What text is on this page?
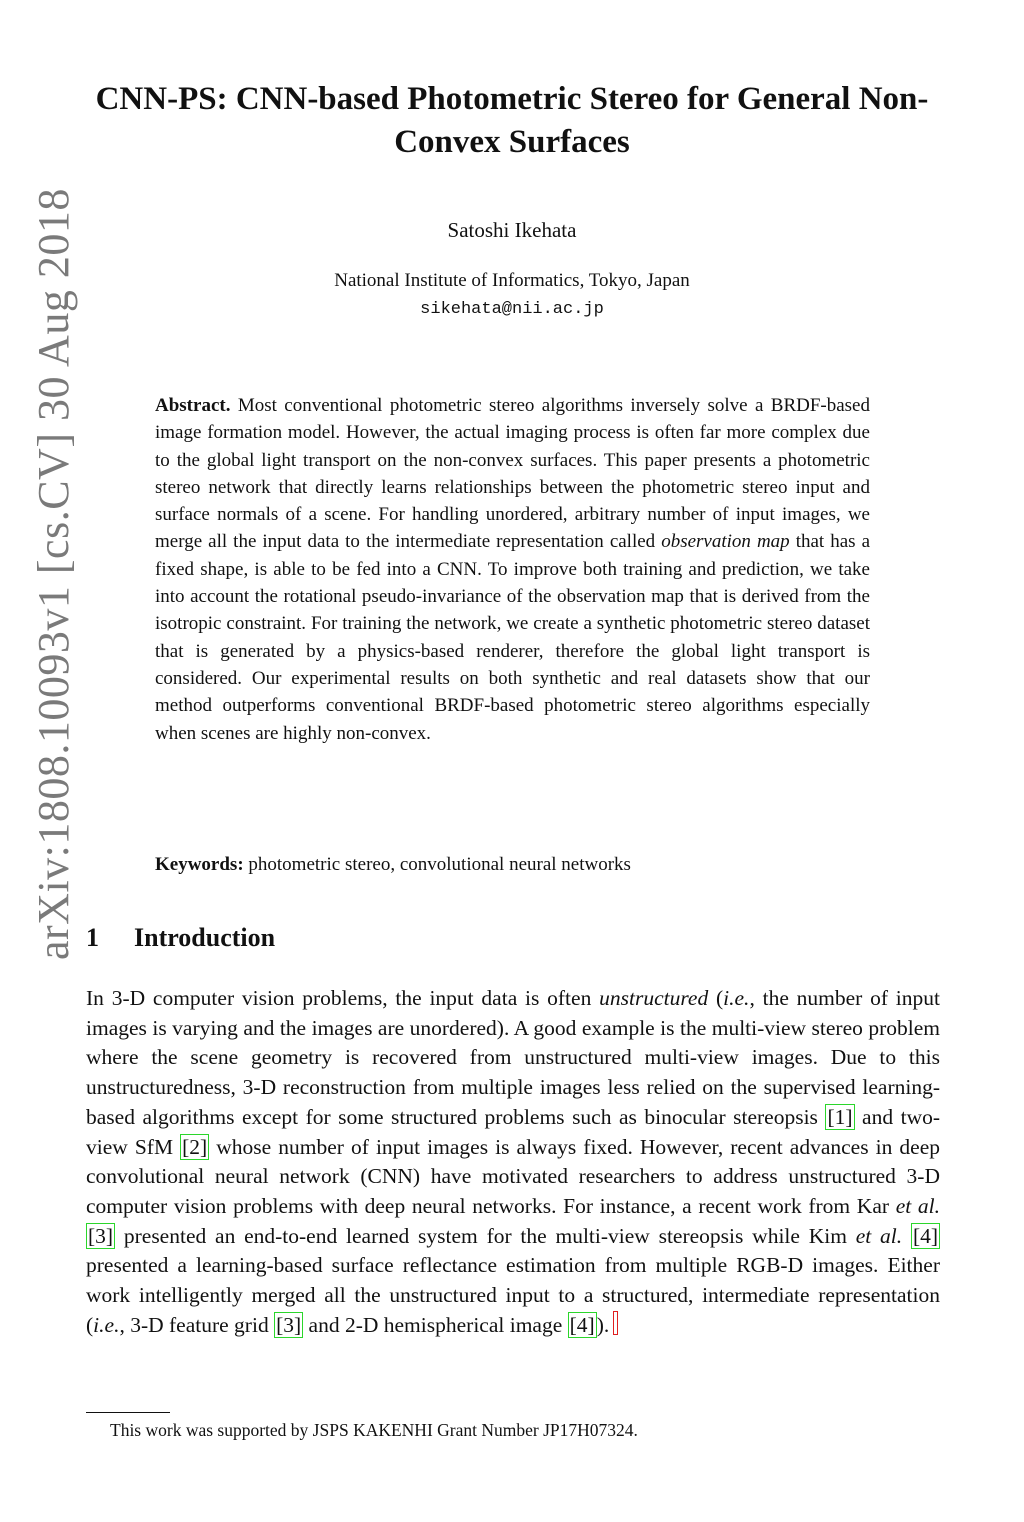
arXiv:1808.10093v1 [cs.CV] 30 Aug 2018
CNN-PS: CNN-based Photometric Stereo for General Non-Convex Surfaces
Satoshi Ikehata
National Institute of Informatics, Tokyo, Japan
sikehata@nii.ac.jp

Abstract. Most conventional photometric stereo algorithms inversely solve a BRDF-based image formation model. However, the actual imaging process is often far more complex due to the global light transport on the non-convex surfaces. This paper presents a photometric stereo network that directly learns relationships between the photometric stereo input and surface normals of a scene. For handling unordered, arbitrary number of input images, we merge all the input data to the intermediate representation called observation map that has a fixed shape, is able to be fed into a CNN. To improve both training and prediction, we take into account the rotational pseudo-invariance of the observation map that is derived from the isotropic constraint. For training the network, we create a synthetic photometric stereo dataset that is generated by a physics-based renderer, therefore the global light transport is considered. Our experimental results on both synthetic and real datasets show that our method outperforms conventional BRDF-based photometric stereo algorithms especially when scenes are highly non-convex.

Keywords: photometric stereo, convolutional neural networks

1 Introduction

In 3-D computer vision problems, the input data is often unstructured (i.e., the number of input images is varying and the images are unordered). A good example is the multi-view stereo problem where the scene geometry is recovered from unstructured multi-view images. Due to this unstructuredness, 3-D reconstruction from multiple images less relied on the supervised learning-based algorithms except for some structured problems such as binocular stereopsis [1] and two-view SfM [2] whose number of input images is always fixed. However, recent advances in deep convolutional neural network (CNN) have motivated researchers to address unstructured 3-D computer vision problems with deep neural networks. For instance, a recent work from Kar et al. [3] presented an end-to-end learned system for the multi-view stereopsis while Kim et al. [4] presented a learning-based surface reflectance estimation from multiple RGB-D images. Either work intelligently merged all the unstructured input to a structured, intermediate representation (i.e., 3-D feature grid [3] and 2-D hemispherical image [4]).

This work was supported by JSPS KAKENHI Grant Number JP17H07324.
